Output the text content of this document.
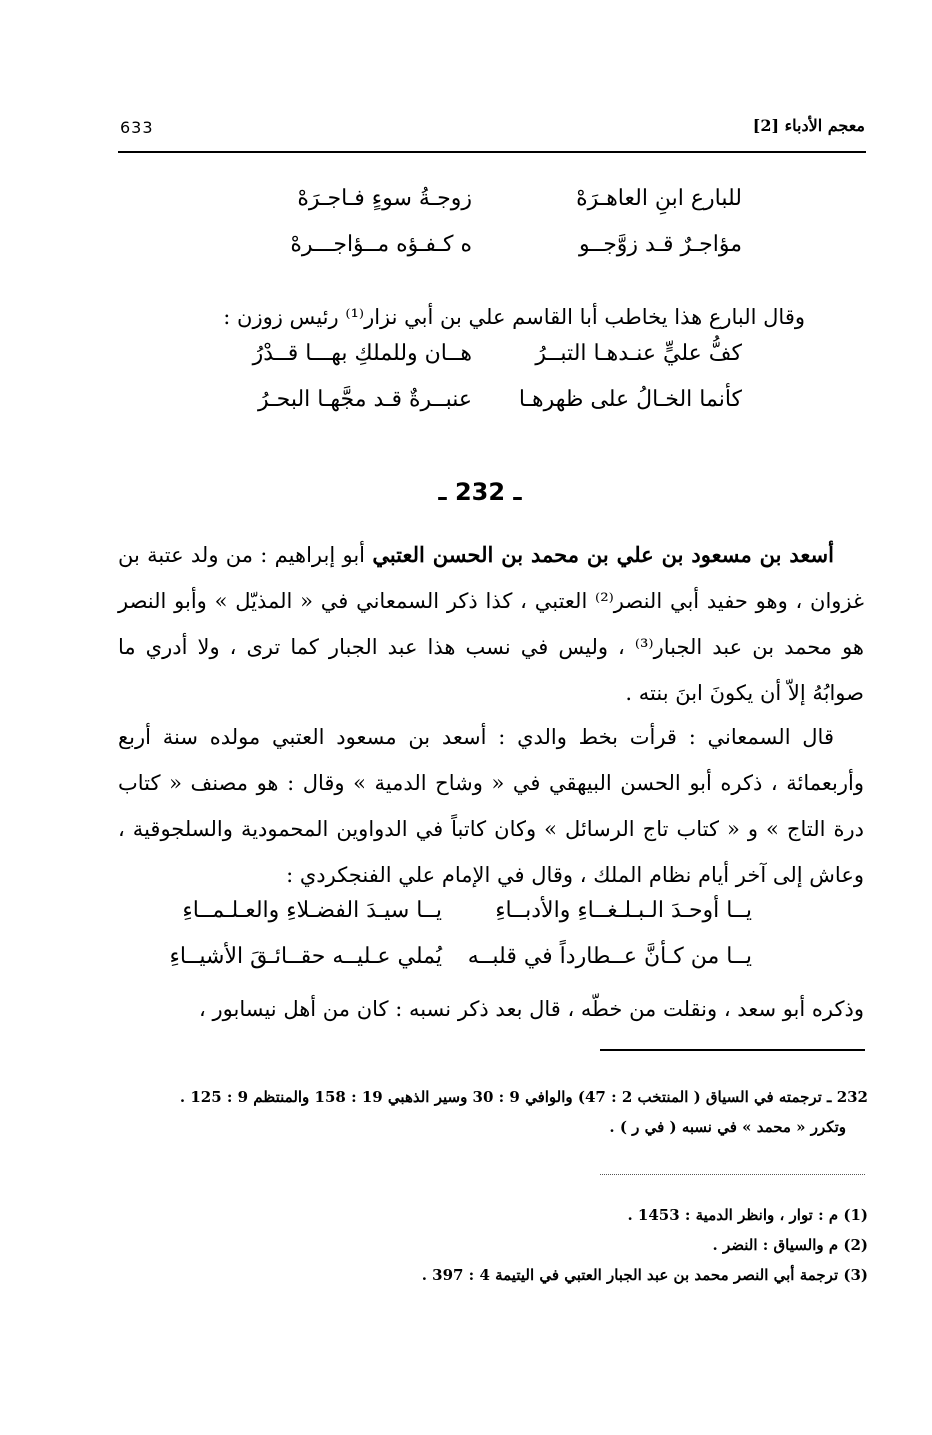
633	معجم الأدباء [2]
للبارع ابنِ العاهـرَهْ
زوجـةُ سوءٍ فـاجـرَهْ
مؤاجـرٌ قـد زوَّجــو
ه كـفـؤه مــؤاجـــرهْ

وقال البارع هذا يخاطب أبا القاسم علي بن أبي نزار⁽¹⁾ رئيس زوزن :

كفُّ عليٍّ عنـدهـا التبــرُ
هــان وللملكِ بهـــا قــدْرُ
كأنما الخـالُ على ظهرهـا
عنبــرةٌ قـد مجَّهـا البحـرُ
ـ 232 ـ

أسعد بن مسعود بن علي بن محمد بن الحسن العتبي أبو إبراهيم : من ولد عتبة بن غزوان ، وهو حفيد أبي النصر⁽²⁾ العتبي ، كذا ذكر السمعاني في « المذيّل » وأبو النصر هو محمد بن عبد الجبار⁽³⁾ ، وليس في نسب هذا عبد الجبار كما ترى ، ولا أدري ما صوابُهُ إلاّ أن يكونَ ابنَ بنته .

قال السمعاني : قرأت بخط والدي : أسعد بن مسعود العتبي مولده سنة أربع وأربعمائة ، ذكره أبو الحسن البيهقي في « وشاح الدمية » وقال : هو مصنف « كتاب درة التاج » و « كتاب تاج الرسائل » وكان كاتباً في الدواوين المحمودية والسلجوقية ، وعاش إلى آخر أيام نظام الملك ، وقال في الإمام علي الفنجكردي :

يــا أوحـدَ الـبـلـغــاءِ والأدبــاءِ
يــا سيـدَ الفضـلاءِ والعـلـمــاءِ
يــا من كـأنَّ عــطارداً في قلبــه
يُملي عـليــه حقــائـقَ الأشيــاءِ

وذكره أبو سعد ، ونقلت من خطّه ، قال بعد ذكر نسبه : كان من أهل نيسابور ،

232 ـ ترجمته في السياق ( المنتخب 2 : 47) والوافي 9 : 30 وسير الذهبي 19 : 158 والمنتظم 9 : 125 .
وتكرر « محمد » في نسبه ( في ر ) .
(1) م : توار ، وانظر الدمية : 1453 .
(2) م والسياق : النضر .
(3) ترجمة أبي النصر محمد بن عبد الجبار العتبي في اليتيمة 4 : 397 .
